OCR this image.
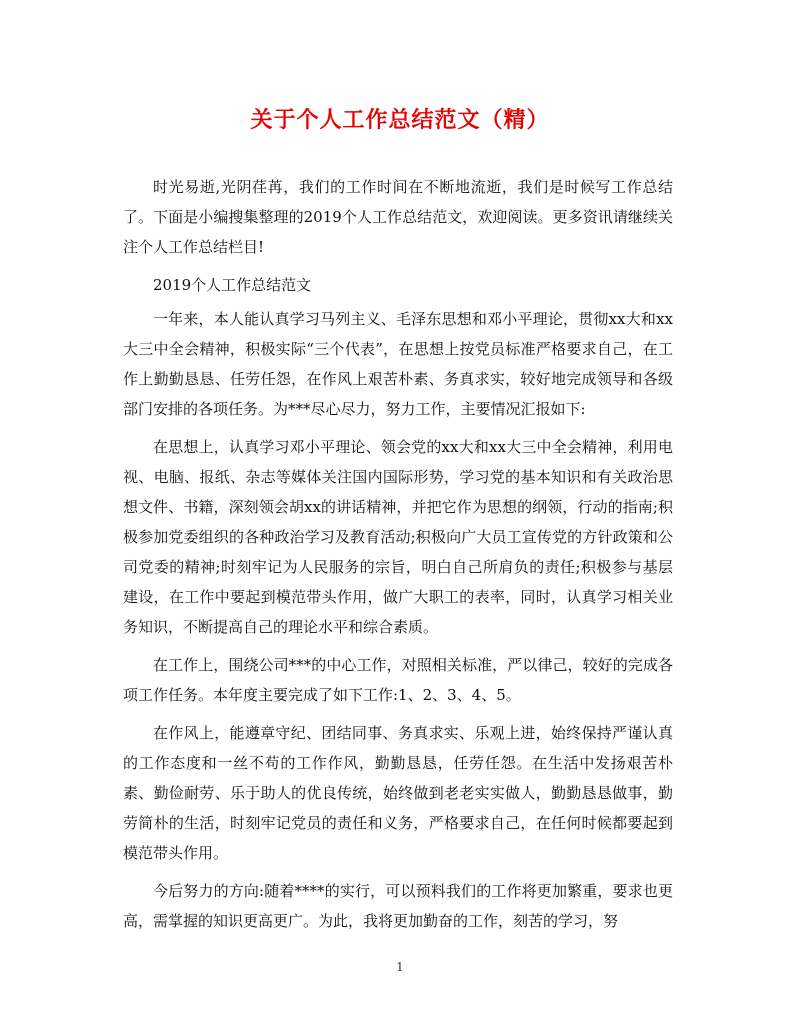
关于个人工作总结范文（精）

时光易逝,光阴荏苒，我们的工作时间在不断地流逝，我们是时候写工作总结了。下面是小编搜集整理的2019个人工作总结范文，欢迎阅读。更多资讯请继续关注个人工作总结栏目!

2019个人工作总结范文

一年来，本人能认真学习马列主义、毛泽东思想和邓小平理论，贯彻xx大和xx大三中全会精神，积极实际“三个代表”，在思想上按党员标准严格要求自己，在工作上勤勤恳恳、任劳任怨，在作风上艰苦朴素、务真求实，较好地完成领导和各级部门安排的各项任务。为***尽心尽力，努力工作，主要情况汇报如下:

在思想上，认真学习邓小平理论、领会党的xx大和xx大三中全会精神，利用电视、电脑、报纸、杂志等媒体关注国内国际形势，学习党的基本知识和有关政治思想文件、书籍，深刻领会胡xx的讲话精神，并把它作为思想的纲领，行动的指南;积极参加党委组织的各种政治学习及教育活动;积极向广大员工宣传党的方针政策和公司党委的精神;时刻牢记为人民服务的宗旨，明白自己所肩负的责任;积极参与基层建设，在工作中要起到模范带头作用，做广大职工的表率，同时，认真学习相关业务知识，不断提高自己的理论水平和综合素质。

在工作上，围绕公司***的中心工作，对照相关标准，严以律己，较好的完成各项工作任务。本年度主要完成了如下工作:1、2、3、4、5。

在作风上，能遵章守纪、团结同事、务真求实、乐观上进，始终保持严谨认真的工作态度和一丝不苟的工作作风，勤勤恳恳，任劳任怨。在生活中发扬艰苦朴素、勤俭耐劳、乐于助人的优良传统，始终做到老老实实做人，勤勤恳恳做事，勤劳简朴的生活，时刻牢记党员的责任和义务，严格要求自己，在任何时候都要起到模范带头作用。

今后努力的方向:随着****的实行，可以预料我们的工作将更加繁重，要求也更高，需掌握的知识更高更广。为此，我将更加勤奋的工作，刻苦的学习，努

1
